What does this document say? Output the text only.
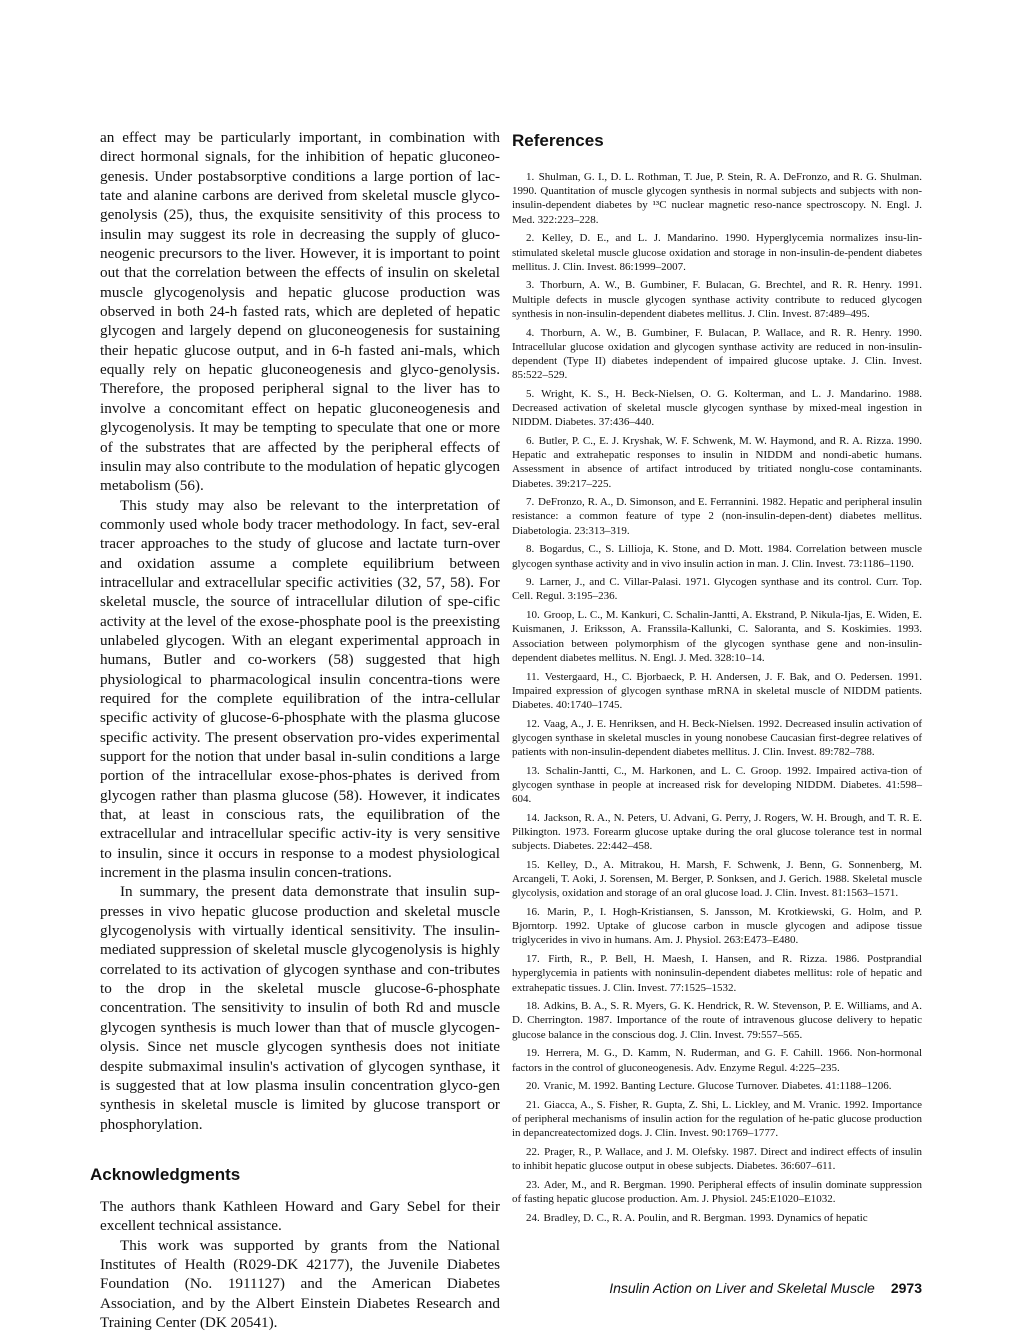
an effect may be particularly important, in combination with direct hormonal signals, for the inhibition of hepatic gluconeo-genesis. Under postabsorptive conditions a large portion of lac-tate and alanine carbons are derived from skeletal muscle glyco-genolysis (25), thus, the exquisite sensitivity of this process to insulin may suggest its role in decreasing the supply of gluco-neogenic precursors to the liver. However, it is important to point out that the correlation between the effects of insulin on skeletal muscle glycogenolysis and hepatic glucose production was observed in both 24-h fasted rats, which are depleted of hepatic glycogen and largely depend on gluconeogenesis for sustaining their hepatic glucose output, and in 6-h fasted ani-mals, which equally rely on hepatic gluconeogenesis and glyco-genolysis. Therefore, the proposed peripheral signal to the liver has to involve a concomitant effect on hepatic gluconeogenesis and glycogenolysis. It may be tempting to speculate that one or more of the substrates that are affected by the peripheral effects of insulin may also contribute to the modulation of hepatic glycogen metabolism (56).

This study may also be relevant to the interpretation of commonly used whole body tracer methodology. In fact, sev-eral tracer approaches to the study of glucose and lactate turn-over and oxidation assume a complete equilibrium between intracellular and extracellular specific activities (32, 57, 58). For skeletal muscle, the source of intracellular dilution of spe-cific activity at the level of the exose-phosphate pool is the preexisting unlabeled glycogen. With an elegant experimental approach in humans, Butler and co-workers (58) suggested that high physiological to pharmacological insulin concentra-tions were required for the complete equilibration of the intra-cellular specific activity of glucose-6-phosphate with the plasma glucose specific activity. The present observation pro-vides experimental support for the notion that under basal in-sulin conditions a large portion of the intracellular exose-phos-phates is derived from glycogen rather than plasma glucose (58). However, it indicates that, at least in conscious rats, the equilibration of the extracellular and intracellular specific activ-ity is very sensitive to insulin, since it occurs in response to a modest physiological increment in the plasma insulin concen-trations.

In summary, the present data demonstrate that insulin sup-presses in vivo hepatic glucose production and skeletal muscle glycogenolysis with virtually identical sensitivity. The insulin-mediated suppression of skeletal muscle glycogenolysis is highly correlated to its activation of glycogen synthase and con-tributes to the drop in the skeletal muscle glucose-6-phosphate concentration. The sensitivity to insulin of both Rd and muscle glycogen synthesis is much lower than that of muscle glycogen-olysis. Since net muscle glycogen synthesis does not initiate despite submaximal insulin's activation of glycogen synthase, it is suggested that at low plasma insulin concentration glyco-gen synthesis in skeletal muscle is limited by glucose transport or phosphorylation.

Acknowledgments

The authors thank Kathleen Howard and Gary Sebel for their excellent technical assistance.

This work was supported by grants from the National Institutes of Health (R029-DK 42177), the Juvenile Diabetes Foundation (No. 1911127) and the American Diabetes Association, and by the Albert Einstein Diabetes Research and Training Center (DK 20541).

References

1. Shulman, G. I., D. L. Rothman, T. Jue, P. Stein, R. A. DeFronzo, and R. G. Shulman. 1990. Quantitation of muscle glycogen synthesis in normal subjects and subjects with non-insulin-dependent diabetes by ¹³C nuclear magnetic reso-nance spectroscopy. N. Engl. J. Med. 322:223–228.

2. Kelley, D. E., and L. J. Mandarino. 1990. Hyperglycemia normalizes insu-lin-stimulated skeletal muscle glucose oxidation and storage in non-insulin-de-pendent diabetes mellitus. J. Clin. Invest. 86:1999–2007.

3. Thorburn, A. W., B. Gumbiner, F. Bulacan, G. Brechtel, and R. R. Henry. 1991. Multiple defects in muscle glycogen synthase activity contribute to reduced glycogen synthesis in non-insulin-dependent diabetes mellitus. J. Clin. Invest. 87:489–495.

4. Thorburn, A. W., B. Gumbiner, F. Bulacan, P. Wallace, and R. R. Henry. 1990. Intracellular glucose oxidation and glycogen synthase activity are reduced in non-insulin-dependent (Type II) diabetes independent of impaired glucose uptake. J. Clin. Invest. 85:522–529.

5. Wright, K. S., H. Beck-Nielsen, O. G. Kolterman, and L. J. Mandarino. 1988. Decreased activation of skeletal muscle glycogen synthase by mixed-meal ingestion in NIDDM. Diabetes. 37:436–440.

6. Butler, P. C., E. J. Kryshak, W. F. Schwenk, M. W. Haymond, and R. A. Rizza. 1990. Hepatic and extrahepatic responses to insulin in NIDDM and nondi-abetic humans. Assessment in absence of artifact introduced by tritiated nonglu-cose contaminants. Diabetes. 39:217–225.

7. DeFronzo, R. A., D. Simonson, and E. Ferrannini. 1982. Hepatic and peripheral insulin resistance: a common feature of type 2 (non-insulin-depen-dent) diabetes mellitus. Diabetologia. 23:313–319.

8. Bogardus, C., S. Lillioja, K. Stone, and D. Mott. 1984. Correlation between muscle glycogen synthase activity and in vivo insulin action in man. J. Clin. Invest. 73:1186–1190.

9. Larner, J., and C. Villar-Palasi. 1971. Glycogen synthase and its control. Curr. Top. Cell. Regul. 3:195–236.

10. Groop, L. C., M. Kankuri, C. Schalin-Jantti, A. Ekstrand, P. Nikula-Ijas, E. Widen, E. Kuismanen, J. Eriksson, A. Franssila-Kallunki, C. Saloranta, and S. Koskimies. 1993. Association between polymorphism of the glycogen synthase gene and non-insulin-dependent diabetes mellitus. N. Engl. J. Med. 328:10–14.

11. Vestergaard, H., C. Bjorbaeck, P. H. Andersen, J. F. Bak, and O. Pedersen. 1991. Impaired expression of glycogen synthase mRNA in skeletal muscle of NIDDM patients. Diabetes. 40:1740–1745.

12. Vaag, A., J. E. Henriksen, and H. Beck-Nielsen. 1992. Decreased insulin activation of glycogen synthase in skeletal muscles in young nonobese Caucasian first-degree relatives of patients with non-insulin-dependent diabetes mellitus. J. Clin. Invest. 89:782–788.

13. Schalin-Jantti, C., M. Harkonen, and L. C. Groop. 1992. Impaired activa-tion of glycogen synthase in people at increased risk for developing NIDDM. Diabetes. 41:598–604.

14. Jackson, R. A., N. Peters, U. Advani, G. Perry, J. Rogers, W. H. Brough, and T. R. E. Pilkington. 1973. Forearm glucose uptake during the oral glucose tolerance test in normal subjects. Diabetes. 22:442–458.

15. Kelley, D., A. Mitrakou, H. Marsh, F. Schwenk, J. Benn, G. Sonnenberg, M. Arcangeli, T. Aoki, J. Sorensen, M. Berger, P. Sonksen, and J. Gerich. 1988. Skeletal muscle glycolysis, oxidation and storage of an oral glucose load. J. Clin. Invest. 81:1563–1571.

16. Marin, P., I. Hogh-Kristiansen, S. Jansson, M. Krotkiewski, G. Holm, and P. Bjorntorp. 1992. Uptake of glucose carbon in muscle glycogen and adipose tissue triglycerides in vivo in humans. Am. J. Physiol. 263:E473–E480.

17. Firth, R., P. Bell, H. Maesh, I. Hansen, and R. Rizza. 1986. Postprandial hyperglycemia in patients with noninsulin-dependent diabetes mellitus: role of hepatic and extrahepatic tissues. J. Clin. Invest. 77:1525–1532.

18. Adkins, B. A., S. R. Myers, G. K. Hendrick, R. W. Stevenson, P. E. Williams, and A. D. Cherrington. 1987. Importance of the route of intravenous glucose delivery to hepatic glucose balance in the conscious dog. J. Clin. Invest. 79:557–565.

19. Herrera, M. G., D. Kamm, N. Ruderman, and G. F. Cahill. 1966. Non-hormonal factors in the control of gluconeogenesis. Adv. Enzyme Regul. 4:225–235.

20. Vranic, M. 1992. Banting Lecture. Glucose Turnover. Diabetes. 41:1188–1206.

21. Giacca, A., S. Fisher, R. Gupta, Z. Shi, L. Lickley, and M. Vranic. 1992. Importance of peripheral mechanisms of insulin action for the regulation of he-patic glucose production in depancreatectomized dogs. J. Clin. Invest. 90:1769–1777.

22. Prager, R., P. Wallace, and J. M. Olefsky. 1987. Direct and indirect effects of insulin to inhibit hepatic glucose output in obese subjects. Diabetes. 36:607–611.

23. Ader, M., and R. Bergman. 1990. Peripheral effects of insulin dominate suppression of fasting hepatic glucose production. Am. J. Physiol. 245:E1020–E1032.

24. Bradley, D. C., R. A. Poulin, and R. Bergman. 1993. Dynamics of hepatic

Insulin Action on Liver and Skeletal Muscle 2973
